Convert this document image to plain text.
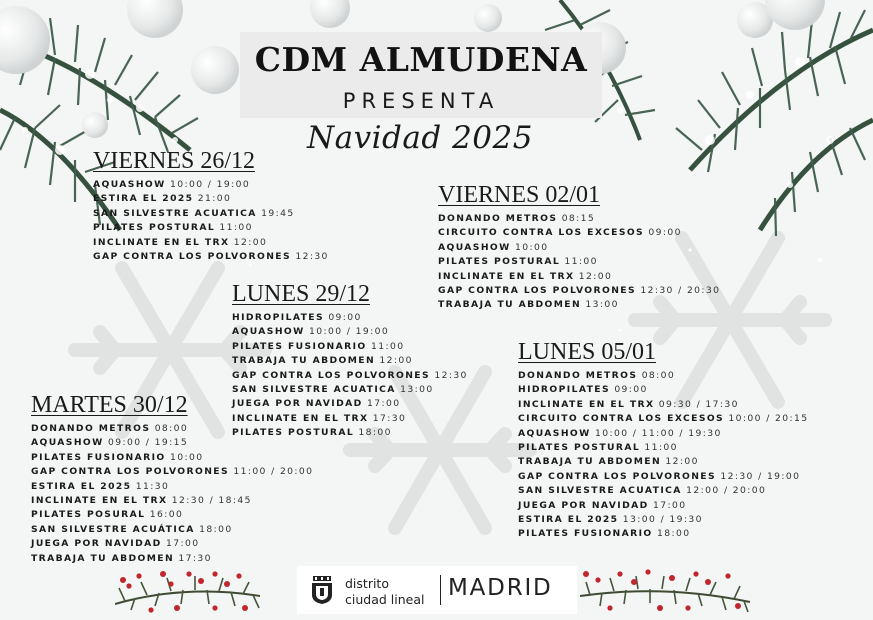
CDM ALMUDENA
PRESENTA
Navidad 2025
VIERNES 26/12
AQUASHOW 10:00 / 19:00
ESTIRA EL 2025 21:00
SAN SILVESTRE ACUATICA 19:45
PILATES POSTURAL 11:00
INCLINATE EN EL TRX 12:00
GAP CONTRA LOS POLVORONES 12:30
VIERNES 02/01
DONANDO METROS 08:15
CIRCUITO CONTRA LOS EXCESOS 09:00
AQUASHOW 10:00
PILATES POSTURAL 11:00
INCLINATE EN EL TRX 12:00
GAP CONTRA LOS POLVORONES 12:30 / 20:30
TRABAJA TU ABDOMEN 13:00
LUNES 29/12
HIDROPILATES 09:00
AQUASHOW 10:00 / 19:00
PILATES FUSIONARIO 11:00
TRABAJA TU ABDOMEN 12:00
GAP CONTRA LOS POLVORONES 12:30
SAN SILVESTRE ACUATICA 13:00
JUEGA POR NAVIDAD 17:00
INCLINATE EN EL TRX 17:30
PILATES POSTURAL 18:00
LUNES 05/01
DONANDO METROS 08:00
HIDROPILATES 09:00
INCLINATE EN EL TRX 09:30 / 17:30
CIRCUITO CONTRA LOS EXCESOS 10:00 / 20:15
AQUASHOW 10:00 / 11:00 / 19:30
PILATES POSTURAL 11:00
TRABAJA TU ABDOMEN 12:00
GAP CONTRA LOS POLVORONES 12:30 / 19:00
SAN SILVESTRE ACUATICA 12:00 / 20:00
JUEGA POR NAVIDAD 17:00
ESTIRA EL 2025 13:00 / 19:30
PILATES FUSIONARIO 18:00
MARTES 30/12
DONANDO METROS 08:00
AQUASHOW 09:00 / 19:15
PILATES FUSIONARIO 10:00
GAP CONTRA LOS POLVORONES 11:00 / 20:00
ESTIRA EL 2025 11:30
INCLINATE EN EL TRX 12:30 / 18:45
PILATES POSURAL 16:00
SAN SILVESTRE ACUÁTICA 18:00
JUEGA POR NAVIDAD 17:00
TRABAJA TU ABDOMEN 17:30
distrito
ciudad lineal MADRID
